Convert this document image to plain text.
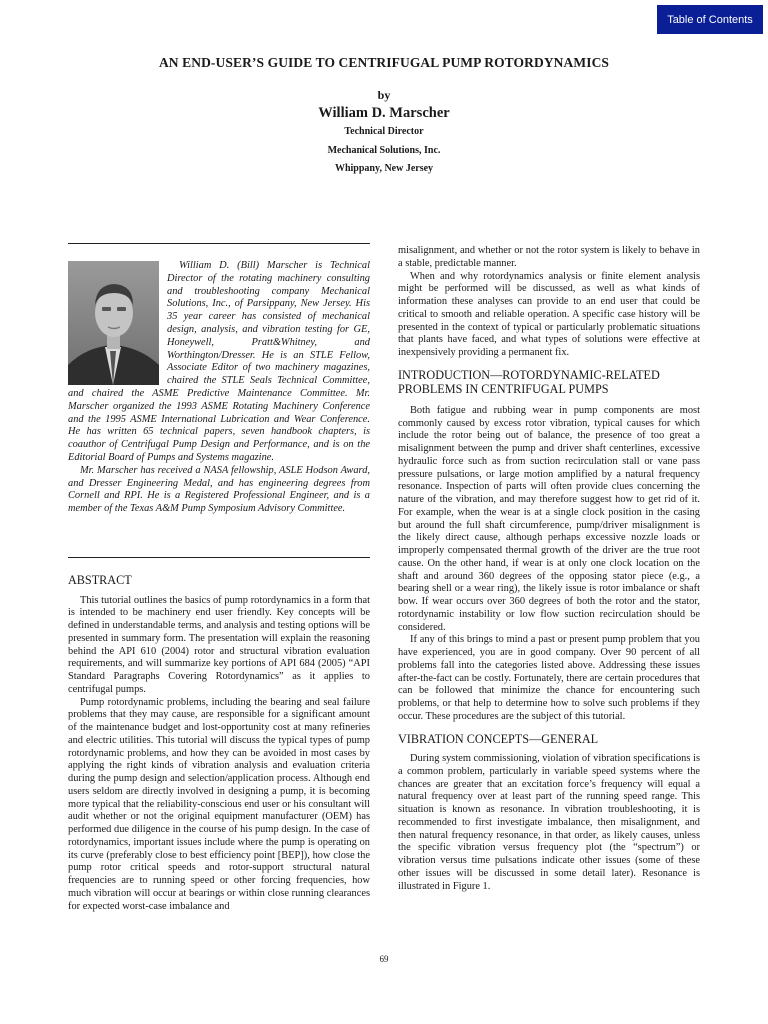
Table of Contents
AN END-USER’S GUIDE TO CENTRIFUGAL PUMP ROTORDYNAMICS
by
William D. Marscher
Technical Director
Mechanical Solutions, Inc.
Whippany, New Jersey

William D. (Bill) Marscher is Technical Director of the rotating machinery consulting and troubleshooting company Mechanical Solutions, Inc., of Parsippany, New Jersey. His 35 year career has consisted of mechanical design, analysis, and vibration testing for GE, Honeywell, Pratt&Whitney, and Worthington/Dresser. He is an STLE Fellow, Associate Editor of two machinery magazines, chaired the STLE Seals Technical Committee, and chaired the ASME Predictive Maintenance Committee. Mr. Marscher organized the 1993 ASME Rotating Machinery Conference and the 1995 ASME International Lubrication and Wear Conference. He has written 65 technical papers, seven handbook chapters, is coauthor of Centrifugal Pump Design and Performance, and is on the Editorial Board of Pumps and Systems magazine.

Mr. Marscher has received a NASA fellowship, ASLE Hodson Award, and Dresser Engineering Medal, and has engineering degrees from Cornell and RPI. He is a Registered Professional Engineer, and is a member of the Texas A&M Pump Symposium Advisory Committee.

ABSTRACT

This tutorial outlines the basics of pump rotordynamics in a form that is intended to be machinery end user friendly. Key concepts will be defined in understandable terms, and analysis and testing options will be presented in summary form. The presentation will explain the reasoning behind the API 610 (2004) rotor and structural vibration evaluation requirements, and will summarize key portions of API 684 (2005) “API Standard Paragraphs Covering Rotordynamics” as it applies to centrifugal pumps.

Pump rotordynamic problems, including the bearing and seal failure problems that they may cause, are responsible for a significant amount of the maintenance budget and lost-opportunity cost at many refineries and electric utilities. This tutorial will discuss the typical types of pump rotordynamic problems, and how they can be avoided in most cases by applying the right kinds of vibration analysis and evaluation criteria during the pump design and selection/application process. Although end users seldom are directly involved in designing a pump, it is becoming more typical that the reliability-conscious end user or his consultant will audit whether or not the original equipment manufacturer (OEM) has performed due diligence in the course of his pump design. In the case of rotordynamics, important issues include where the pump is operating on its curve (preferably close to best efficiency point [BEP]), how close the pump rotor critical speeds and rotor-support structural natural frequencies are to running speed or other forcing frequencies, how much vibration will occur at bearings or within close running clearances for expected worst-case imbalance and

misalignment, and whether or not the rotor system is likely to behave in a stable, predictable manner.

When and why rotordynamics analysis or finite element analysis might be performed will be discussed, as well as what kinds of information these analyses can provide to an end user that could be critical to smooth and reliable operation. A specific case history will be presented in the context of typical or particularly problematic situations that plants have faced, and what types of solutions were effective at inexpensively providing a permanent fix.

INTRODUCTION—ROTORDYNAMIC-RELATED PROBLEMS IN CENTRIFUGAL PUMPS

Both fatigue and rubbing wear in pump components are most commonly caused by excess rotor vibration, typical causes for which include the rotor being out of balance, the presence of too great a misalignment between the pump and driver shaft centerlines, excessive hydraulic force such as from suction recirculation stall or vane pass pressure pulsations, or large motion amplified by a natural frequency resonance. Inspection of parts will often provide clues concerning the nature of the vibration, and may therefore suggest how to get rid of it. For example, when the wear is at a single clock position in the casing but around the full shaft circumference, pump/driver misalignment is the likely direct cause, although perhaps excessive nozzle loads or improperly compensated thermal growth of the driver are the true root cause. On the other hand, if wear is at only one clock location on the shaft and around 360 degrees of the opposing stator piece (e.g., a bearing shell or a wear ring), the likely issue is rotor imbalance or shaft bow. If wear occurs over 360 degrees of both the rotor and the stator, rotordynamic instability or low flow suction recirculation should be considered.

If any of this brings to mind a past or present pump problem that you have experienced, you are in good company. Over 90 percent of all problems fall into the categories listed above. Addressing these issues after-the-fact can be costly. Fortunately, there are certain procedures that can be followed that minimize the chance for encountering such problems, or that help to determine how to solve such problems if they occur. These procedures are the subject of this tutorial.

VIBRATION CONCEPTS—GENERAL

During system commissioning, violation of vibration specifications is a common problem, particularly in variable speed systems where the chances are greater that an excitation force’s frequency will equal a natural frequency over at least part of the running speed range. This situation is known as resonance. In vibration troubleshooting, it is recommended to first investigate imbalance, then misalignment, and then natural frequency resonance, in that order, as likely causes, unless the specific vibration versus frequency plot (the “spectrum”) or vibration versus time pulsations indicate other issues (some of these other issues will be discussed in some detail later). Resonance is illustrated in Figure 1.

69
